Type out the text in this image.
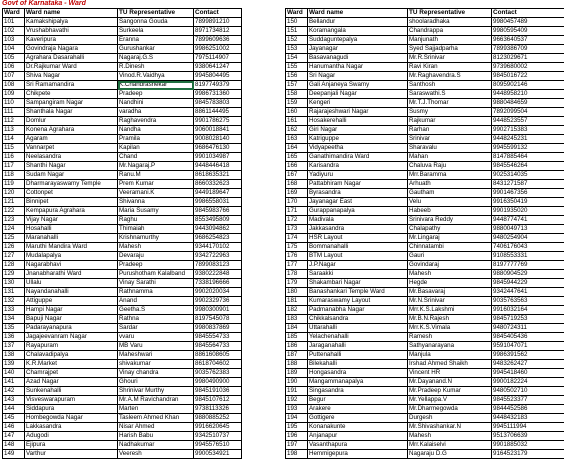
Govt of Karnataka - Ward
Ward	Ward name	TU Representative	Contact		Ward	Ward name	TU Representative	Contact
101	Kamakshipalya	Sangonna Gouda	7899891210		150	Bellandur	shoolaradhaka	9980457489
102	Vrushabhavathi	Surkeela	8971734812		151	Koramangala	Chandrappa	9980595409
103	Kaveripura	Eranna	7899609636		152	Suddaguntepalya	Manjunath	9663640537
104	Govindraja Nagara	Gurushankar	9986251002		153	Jayanagar	Syed Sajjadparha	7899386709
105	Agrahara Dasarahalli	Nagaraj.G.S	7975114907		154	Basavanagudi	Mr.R.Srinivar	8123029671
106	Dr.Rajkumar Ward	R.Dinesh	9380641247		155	Hanumantha Nagar	Ravi Kiran	9739680002
107	Shiva Nagar	Vinod.R.Vaidhya	9945804495		156	Sri Nagar	Mr.Raghavendra.S	9845016722
108	Sri Ramamandira	K.Chandrashekar	8197749379		157	Gali Anjaneya Swamy	Santhosh	8095902146
109	Chikpete	Pradeep	9986731360		158	Deepanjali Nagar	Saraswathi.S	9448958210
110	Sampangiram Nagar	Nandhini	9845783803		159	Kengeri	Mr.T.J.Thomar	9880484659
111	Shanthala Nagar	varadha	8861144495		160	Rajarajeshwari Nagar	Susmy	7892099504
112	Domlur	Raghavendra	9901786275		161	Hosakerehalli	Rajkumar	9448523557
113	Konena Agrahara	Nandha	9060018841		162	Giri Nagar	Rarhan	9902715383
114	Agaram	Pramila	9008028140		163	Katriguppe	Srinivar	9448245231
115	Vannarpet	Kapilan	9686476130		164	Vidyapeetha	Sharavalu	9945599132
116	Neelasandra	Chand	9901034987		165	Ganathimandira Ward	Mahan	8147885464
117	Shanthi Nagar	Mr.Nagaraj.P	9448446418		166	Karisandra	Chaluva Raju	9845546264
118	Sudam Nagar	Ranu.M	8618635321		167	Yadiyuru	Mrr.Baramma	9025314035
119	Dharmarayaswamy Temple	Prem Kumar	8660332623		168	Pattabhiram Nagar	Arhuath	8431271587
120	Cottonpet	Veeramani.K	9449189647		169	Byrasandra	Gautham	9901467356
121	Binnipet	Shivanna	9986558031		170	Jayanagar East	Velu	9916350419
122	Kempapura Agrahara	Maria Susamy	9845983766		171	Gurappanapalya	Habeeb	9901935020
123	Vijay Nagar	Raghu	8553495809		172	Madivala	Srinivara Reddy	9448774741
124	Hosahalli	Thimaiah	9443094862		173	Jakkasandra	Chalapathy	9880049713
125	Maranahalli	Krishnamurthy	9686254823		174	HSR Layout	Mr.Lingaraj	9480254904
126	Maruthi Mandira Ward	Mahesh	9344170102		175	Bommanahalli	Chinnatambi	7406176043
127	Mudalapalya	Devaraju	9342722963		176	BTM Layout	Gauri	9108553331
128	Nagarabhavi	Pradeep	7899083123		177	J.P.Nagar	Govindaraj	8197777769
129	Jnanabharathi Ward	Purushotham Kalalband	9380222848		178	Saraakki	Mahesh	9880904529
130	Ullalu	Vinay Sarathi	7338196666		179	Shakambari Nagar	Hegde	9845944229
131	Nayandanahalli	Rathnamma	9902020034		180	Banashankari Temple Ward	Mr.Basavaraj	9342447641
132	Attiguppe	Anand	9902329736		181	Kumaraswamy Layout	Mr.N.Srinivar	9035763563
133	Hampi Nagar	Geetha.S	9980300901		182	Padmanabha Nagar	Mrr.K.S.Lakshmi	9916032164
134	Bapuji Nagar	Rathna	8197545078		183	Chikkalsandra	Mr.B.N.Rajesh	9845719253
135	Padarayanapura	Sardar	9980837869		184	Uttarahalli	Mrr.K.S.Vimala	9480724311
136	Jagajeevanram Nagar	vvaru	9845554733		185	Yelachenahalli	Ramesh	9845405436
137	Rayapuram	MB Varu	9845564733		186	Jaraganahalli	Sathyanarayana	9591047071
138	Chalavadipalya	Maheshwari	8861608605		187	Puttenahalli	Manjula	9986391562
139	K.R.Market	shivakumar	8618704602		188	Bilekahalli	Irshad Ahmed Shaikh	9483262427
140	Chamrajpet	Vinay chandra	9035762383		189	Hongasandra	Vincent HR	9945418460
141	Azad Nagar	Ghouri	9980490900		190	Mangammanapalya	Mr.Dayanand.N	9900182224
142	Sunkenahalli	Shrinivar Murthy	9845191036		191	Singasandra	Mr.Pradeep Kumar	9480502710
143	Visveswarapuram	Mr.A.M Ravichandran	9845107612		192	Begur	Mr.Yellappa.V	9845523377
144	Siddapura	Marten	9738113326		193	Arakere	Mr.Dharmegowda	9844452586
145	Hombegowda Nagar	Tasleem Ahmed Khan	9880885252		194	Gottigere	Durgesh	9448432183
146	Lakkasandra	Nisar Ahmed	9916620645		195	Konanakunte	Mr.Shivashankar.N	9945111994
147	Adugodi	Harish Babu	9342510737		196	Anjanapur	Mahesh	9513706639
148	Ejipura	Nadhakumar	9945576510		197	Vasanthapura	Mrr.Kalaiselvi	9901885032
149	Varthur	Veeresh	9900534921		198	Hemmigepura	Nagaraju D.G	9164523179
